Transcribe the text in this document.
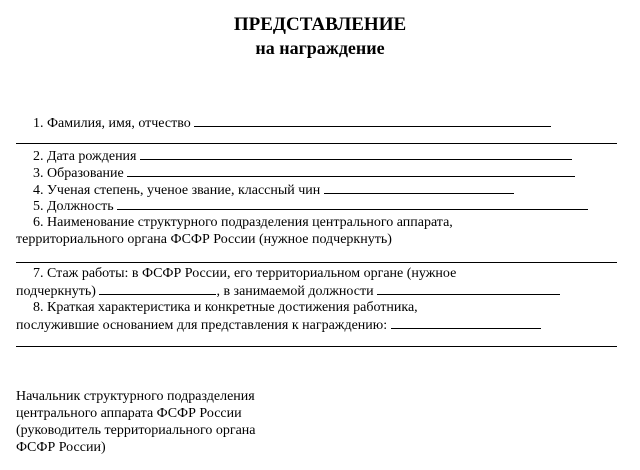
ПРЕДСТАВЛЕНИЕ
на награждение
1. Фамилия, имя, отчество
2. Дата рождения
3. Образование
4. Ученая степень, ученое звание, классный чин
5. Должность
6. Наименование структурного подразделения центрального аппарата,
территориального органа ФСФР России (нужное подчеркнуть)
7. Стаж работы: в ФСФР России, его территориальном органе (нужное
подчеркнуть)	, в занимаемой должности
8. Краткая характеристика и конкретные достижения работника,
послужившие основанием для представления к награждению:
Начальник структурного подразделения
центрального аппарата ФСФР России
(руководитель территориального органа
ФСФР России)
